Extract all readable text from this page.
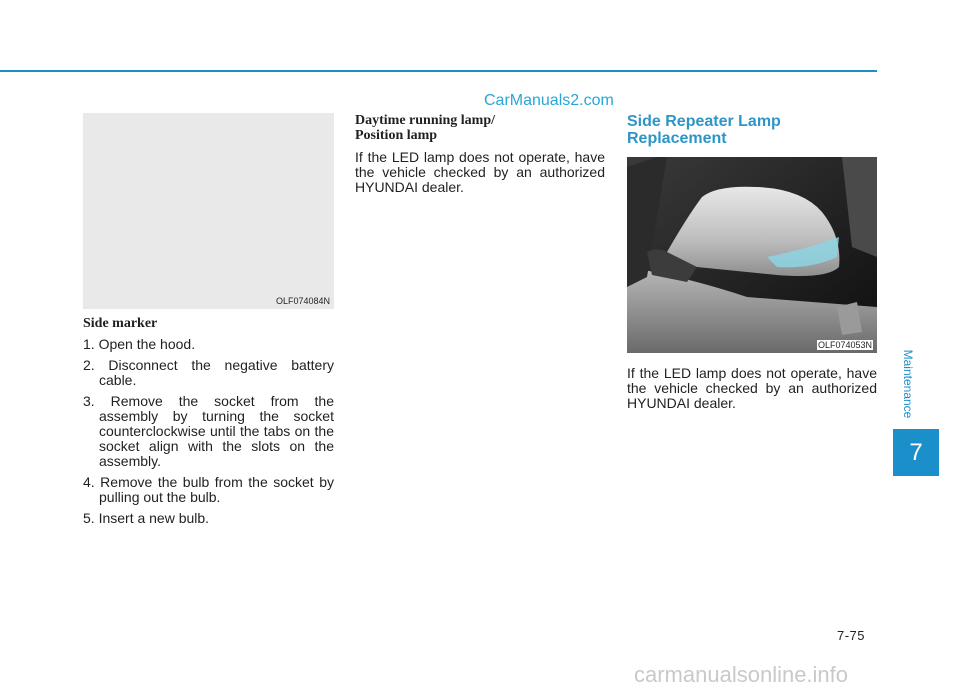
CarManuals2.com
OLF074084N

Side marker

1. Open the hood.
2. Disconnect the negative battery cable.
3. Remove the socket from the assembly by turning the socket counterclockwise until the tabs on the socket align with the slots on the assembly.
4. Remove the bulb from the socket by pulling out the bulb.
5. Insert a new bulb.

Daytime running lamp/
Position lamp

If the LED lamp does not operate, have the vehicle checked by an authorized HYUNDAI dealer.

Side Repeater Lamp
Replacement

OLF074053N

If the LED lamp does not operate, have the vehicle checked by an authorized HYUNDAI dealer.	Maintenance
7
7-75
carmanualsonline.info
